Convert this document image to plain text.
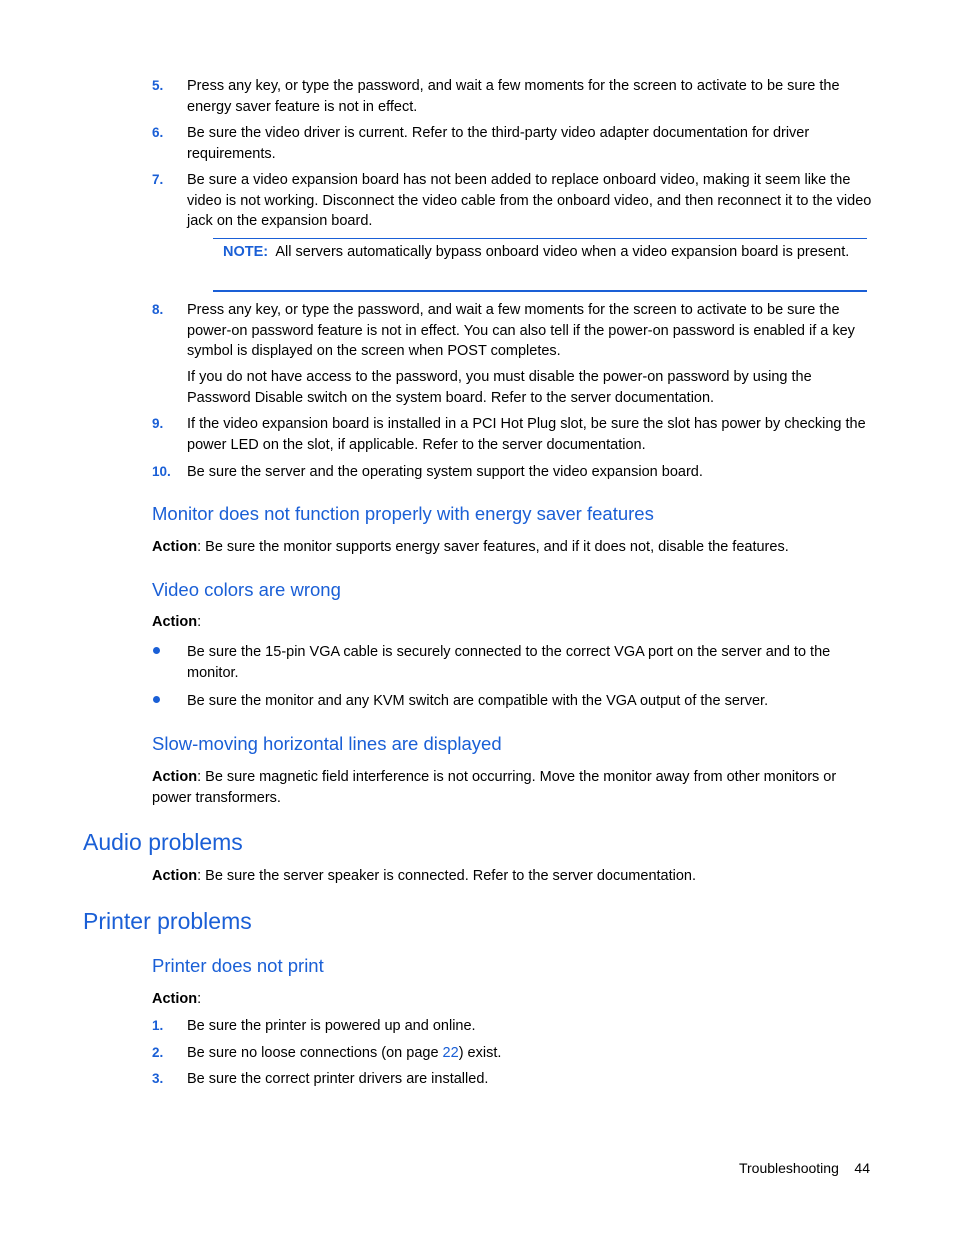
5. Press any key, or type the password, and wait a few moments for the screen to activate to be sure the energy saver feature is not in effect.
6. Be sure the video driver is current. Refer to the third-party video adapter documentation for driver requirements.
7. Be sure a video expansion board has not been added to replace onboard video, making it seem like the video is not working. Disconnect the video cable from the onboard video, and then reconnect it to the video jack on the expansion board.
NOTE: All servers automatically bypass onboard video when a video expansion board is present.
8. Press any key, or type the password, and wait a few moments for the screen to activate to be sure the power-on password feature is not in effect. You can also tell if the power-on password is enabled if a key symbol is displayed on the screen when POST completes.
If you do not have access to the password, you must disable the power-on password by using the Password Disable switch on the system board. Refer to the server documentation.
9. If the video expansion board is installed in a PCI Hot Plug slot, be sure the slot has power by checking the power LED on the slot, if applicable. Refer to the server documentation.
10. Be sure the server and the operating system support the video expansion board.
Monitor does not function properly with energy saver features
Action: Be sure the monitor supports energy saver features, and if it does not, disable the features.
Video colors are wrong
Action:
Be sure the 15-pin VGA cable is securely connected to the correct VGA port on the server and to the monitor.
Be sure the monitor and any KVM switch are compatible with the VGA output of the server.
Slow-moving horizontal lines are displayed
Action: Be sure magnetic field interference is not occurring. Move the monitor away from other monitors or power transformers.
Audio problems
Action: Be sure the server speaker is connected. Refer to the server documentation.
Printer problems
Printer does not print
Action:
1. Be sure the printer is powered up and online.
2. Be sure no loose connections (on page 22) exist.
3. Be sure the correct printer drivers are installed.
Troubleshooting 44
